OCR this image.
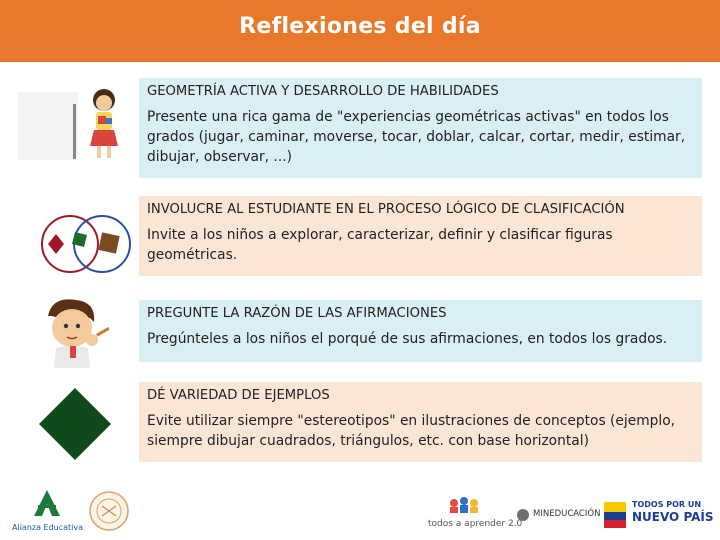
Reflexiones del día
GEOMETRÍA ACTIVA Y DESARROLLO DE HABILIDADES
Presente una rica gama de "experiencias geométricas activas" en todos los grados (jugar, caminar, moverse, tocar, doblar, calcar, cortar, medir, estimar, dibujar, observar, ...)
INVOLUCRE AL ESTUDIANTE EN EL PROCESO LÓGICO DE CLASIFICACIÓN
Invite a los niños a explorar, caracterizar, definir y clasificar figuras geométricas.
PREGUNTE LA RAZÓN DE LAS AFIRMACIONES
Pregúnteles a los niños el porqué de sus afirmaciones, en todos los grados.
DÉ VARIEDAD DE EJEMPLOS
Evite utilizar siempre "estereotipos" en ilustraciones de conceptos (ejemplo, siempre dibujar cuadrados, triángulos, etc. con base horizontal)
Alianza Educativa	todos a aprender 2.0
MINEDUCACIÓN
TODOS POR UN
NUEVO PAÍS
